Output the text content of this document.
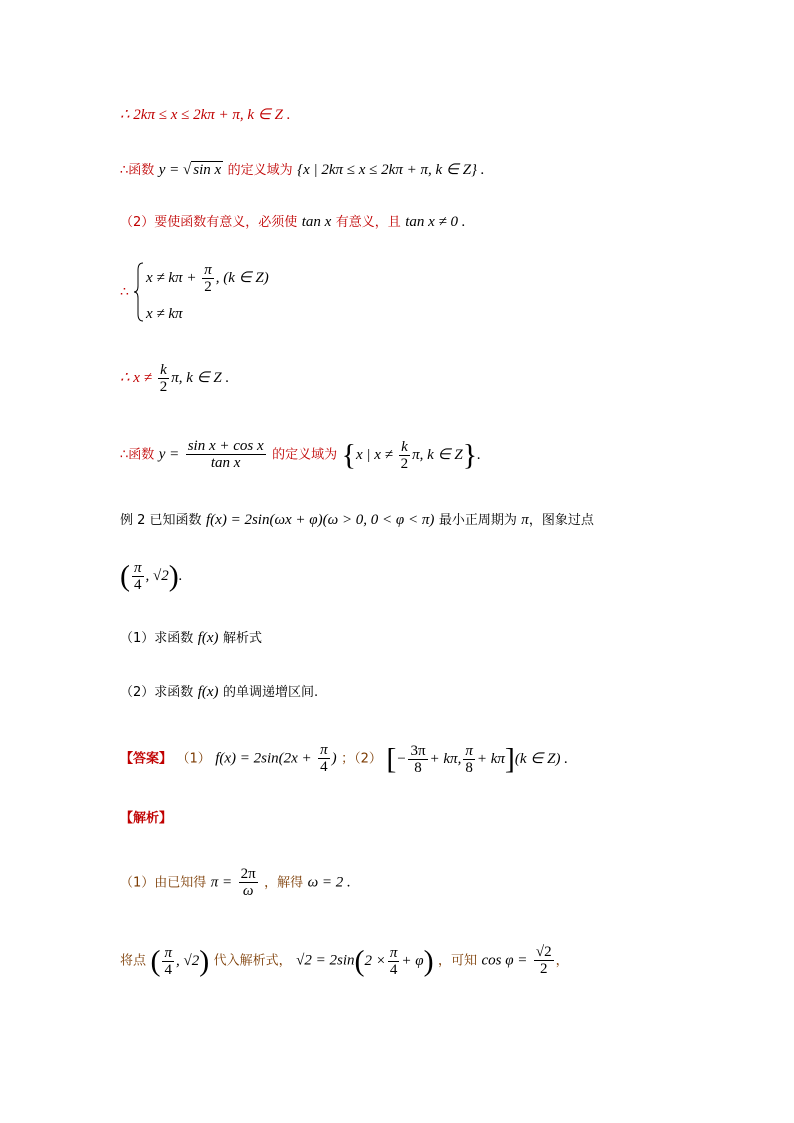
∴ 2kπ ≤ x ≤ 2kπ + π, k ∈ Z .
∴函数 y = √ sin x 的定义域为 {x | 2kπ ≤ x ≤ 2kπ + π, k ∈ Z} .
（2）要使函数有意义，必须使 tan x 有意义，且 tan x ≠ 0 .
∴
$x \ne k\pi + \frac{\pi}{2}$ , (k ∈ Z)
x ≠ kπ
∴ $x \ne \frac{k}{2} \pi$, k ∈ Z .
∴函数 $y = \frac{\text{sin x + cos x}}{\text{tan x}}$ 的定义域为 {x | $x \ne \frac{k}{2} \pi$, k ∈ Z}.
例 2 已知函数 f(x) = 2sin(ωx + φ)(ω > 0, 0 < φ < π) 最小正周期为 π，图象过点
( $\frac{\pi}{4}$ , √2).
（1）求函数 f(x) 解析式
（2）求函数 f(x) 的单调递增区间.
【答案】 （1） $f(x) = 2\sin(2x + \frac{\pi}{4}$ ) ；（2） [− $\frac{3\pi}{8} + k\pi$, $\frac{\pi}{8} + k\pi](k$ ∈ Z) .
【解析】
（1）由已知得 $\pi = \frac{2\pi}{\omega}$ ，解得 ω = 2 .
将点 ( $\frac{\pi}{4}$ , √2) 代入解析式， $√2 = 2\sin(2 \times \frac{\pi}{4} + \varphi)$ ，可知 $\cos \varphi = \frac{√2}{2}$ ，
